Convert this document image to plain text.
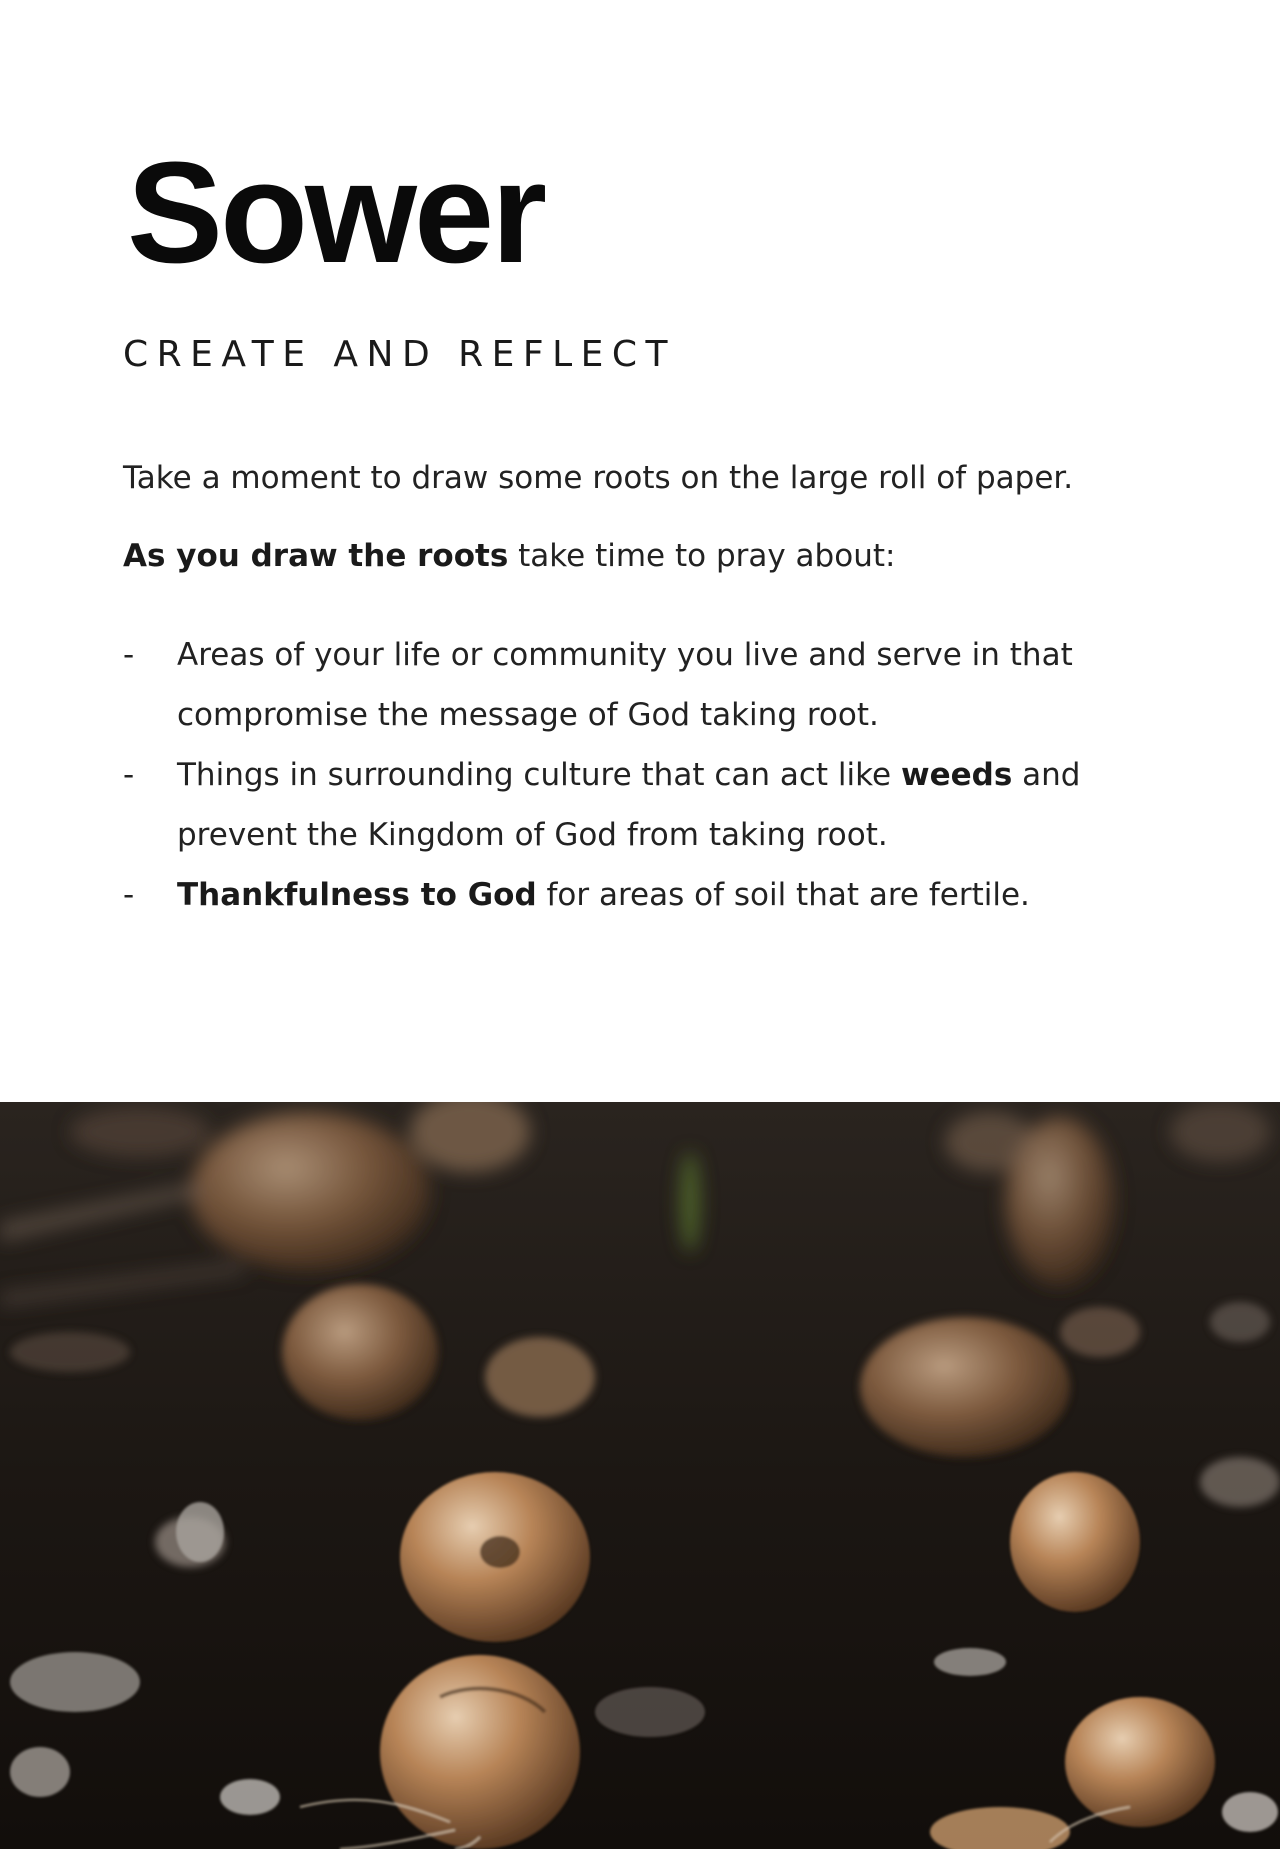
Sower
CREATE AND REFLECT

Take a moment to draw some roots on the large roll of paper.

As you draw the roots take time to pray about:

- Areas of your life or community you live and serve in that compromise the message of God taking root.
- Things in surrounding culture that can act like weeds and prevent the Kingdom of God from taking root.
- Thankfulness to God for areas of soil that are fertile.
